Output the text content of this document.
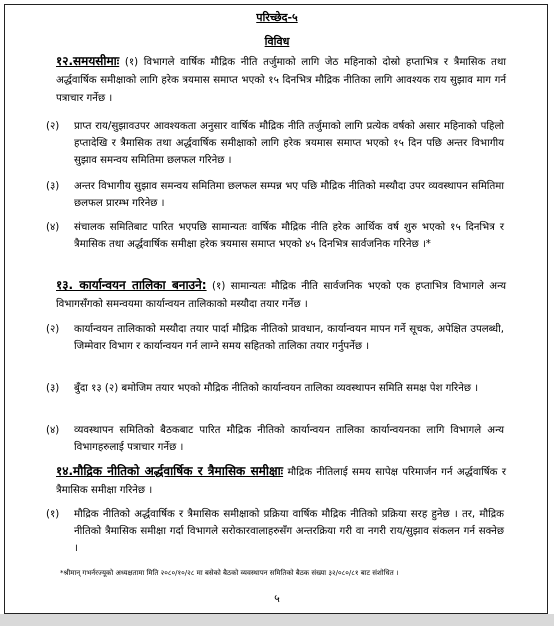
परिच्छेद-५
विविध
१२.समयसीमाः (१) विभागले वार्षिक मौद्रिक नीति तर्जुमाको लागि जेठ महिनाको दोस्रो हप्ताभित्र र त्रैमासिक तथा अर्द्धवार्षिक समीक्षाको लागि हरेक त्रयमास समाप्त भएको १५ दिनभित्र मौद्रिक नीतिका लागि आवश्यक राय सुझाव माग गर्न पत्राचार गर्नेछ ।
(२) प्राप्त राय/सुझावउपर आवश्यकता अनुसार वार्षिक मौद्रिक नीति तर्जुमाको लागि प्रत्येक वर्षको असार महिनाको पहिलो हप्तादेखि र त्रैमासिक तथा अर्द्धवार्षिक समीक्षाको लागि हरेक त्रयमास समाप्त भएको १५ दिन पछि अन्तर विभागीय सुझाव समन्वय समितिमा छलफल गरिनेछ ।
(३) अन्तर विभागीय सुझाव समन्वय समितिमा छलफल सम्पन्न भए पछि मौद्रिक नीतिको मस्यौदा उपर व्यवस्थापन समितिमा छलफल प्रारम्भ गरिनेछ ।
(४) संचालक समितिबाट पारित भएपछि सामान्यतः वार्षिक मौद्रिक नीति हरेक आर्थिक वर्ष शुरु भएको १५ दिनभित्र र त्रैमासिक तथा अर्द्धवार्षिक समीक्षा हरेक त्रयमास समाप्त भएको ४५ दिनभित्र सार्वजनिक गरिनेछ ।*
१३. कार्यान्वयन तालिका बनाउने: (१) सामान्यतः मौद्रिक नीति सार्वजनिक भएको एक हप्ताभित्र विभागले अन्य विभागसँगको समन्वयमा कार्यान्वयन तालिकाको मस्यौदा तयार गर्नेछ ।
(२) कार्यान्वयन तालिकाको मस्यौदा तयार पार्दा मौद्रिक नीतिको प्रावधान, कार्यान्वयन मापन गर्ने सूचक, अपेक्षित उपलब्धी, जिम्मेवार विभाग र कार्यान्वयन गर्न लाग्ने समय सहितको तालिका तयार गर्नुपर्नेछ ।
(३) बुँदा १३ (२) बमोजिम तयार भएको मौद्रिक नीतिको कार्यान्वयन तालिका व्यवस्थापन समिति समक्ष पेश गरिनेछ ।
(४) व्यवस्थापन समितिको बैठकबाट पारित मौद्रिक नीतिको कार्यान्वयन तालिका कार्यान्वयनका लागि विभागले अन्य विभागहरुलाई पत्राचार गर्नेछ ।
१४.मौद्रिक नीतिको अर्द्धवार्षिक र त्रैमासिक समीक्षाः मौद्रिक नीतिलाई समय सापेक्ष परिमार्जन गर्न अर्द्धवार्षिक र त्रैमासिक समीक्षा गरिनेछ ।
(१) मौद्रिक नीतिको अर्द्धवार्षिक र त्रैमासिक समीक्षाको प्रक्रिया वार्षिक मौद्रिक नीतिको प्रक्रिया सरह हुनेछ । तर, मौद्रिक नीतिको त्रैमासिक समीक्षा गर्दा विभागले सरोकारवालाहरुसँग अन्तरक्रिया गरी वा नगरी राय/सुझाव संकलन गर्न सक्नेछ ।
*श्रीमान् गभर्नरज्यूको अध्यक्षतामा मिति २०८०/१०/२८ मा बसेको बैठको व्यवस्थापन समितिको बैठक संख्या ३२/०८०/८१ बाट संशोधित ।
५
